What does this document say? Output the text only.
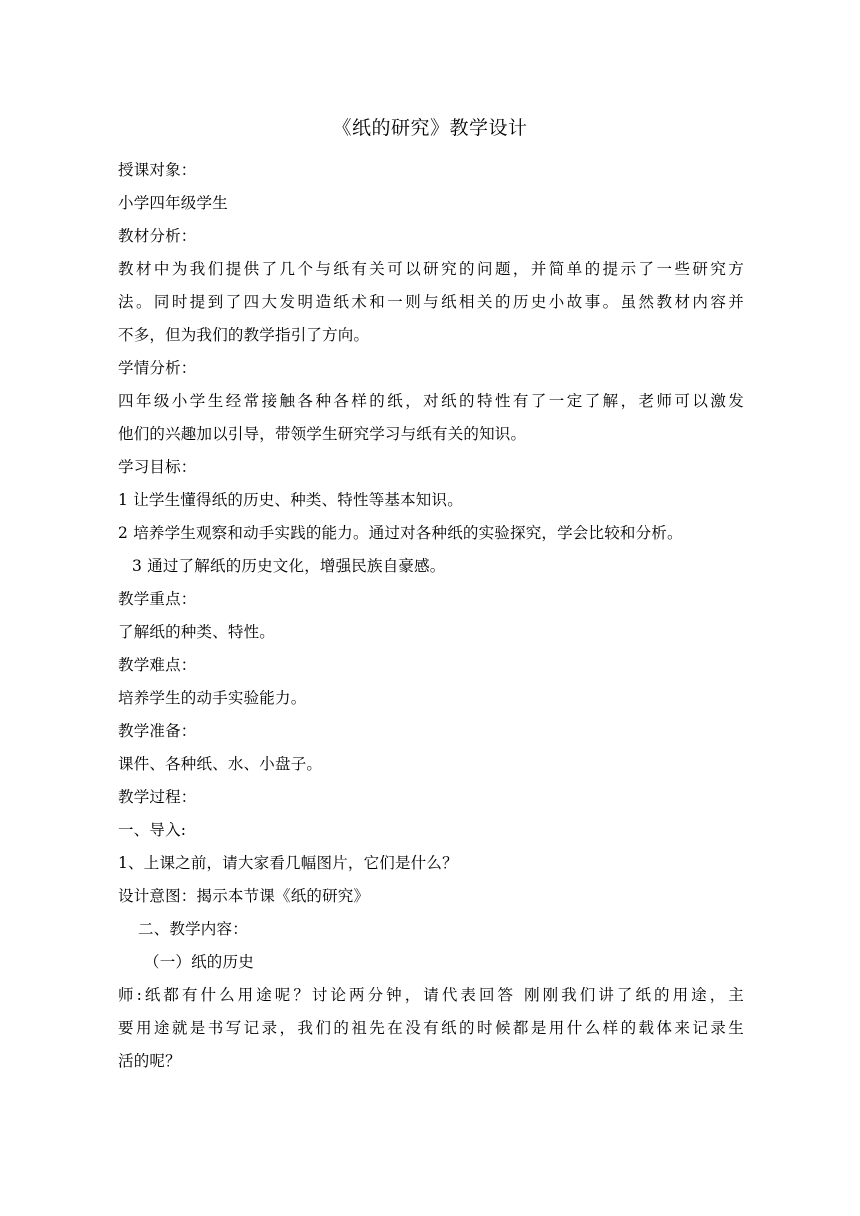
《纸的研究》教学设计

授课对象：

小学四年级学生

教材分析：

教材中为我们提供了几个与纸有关可以研究的问题，并简单的提示了一些研究方

法。同时提到了四大发明造纸术和一则与纸相关的历史小故事。虽然教材内容并

不多，但为我们的教学指引了方向。

学情分析：

四年级小学生经常接触各种各样的纸，对纸的特性有了一定了解，老师可以激发

他们的兴趣加以引导，带领学生研究学习与纸有关的知识。

学习目标：

1 让学生懂得纸的历史、种类、特性等基本知识。

2 培养学生观察和动手实践的能力。通过对各种纸的实验探究，学会比较和分析。

3 通过了解纸的历史文化，增强民族自豪感。

教学重点：

了解纸的种类、特性。

教学难点：

培养学生的动手实验能力。

教学准备：

课件、各种纸、水、小盘子。

教学过程：

一、导入:

1、上课之前，请大家看几幅图片，它们是什么？

设计意图：揭示本节课《纸的研究》

二、教学内容：

（一）纸的历史

师:纸都有什么用途呢？讨论两分钟，请代表回答 刚刚我们讲了纸的用途，主

要用途就是书写记录，我们的祖先在没有纸的时候都是用什么样的载体来记录生

活的呢？
